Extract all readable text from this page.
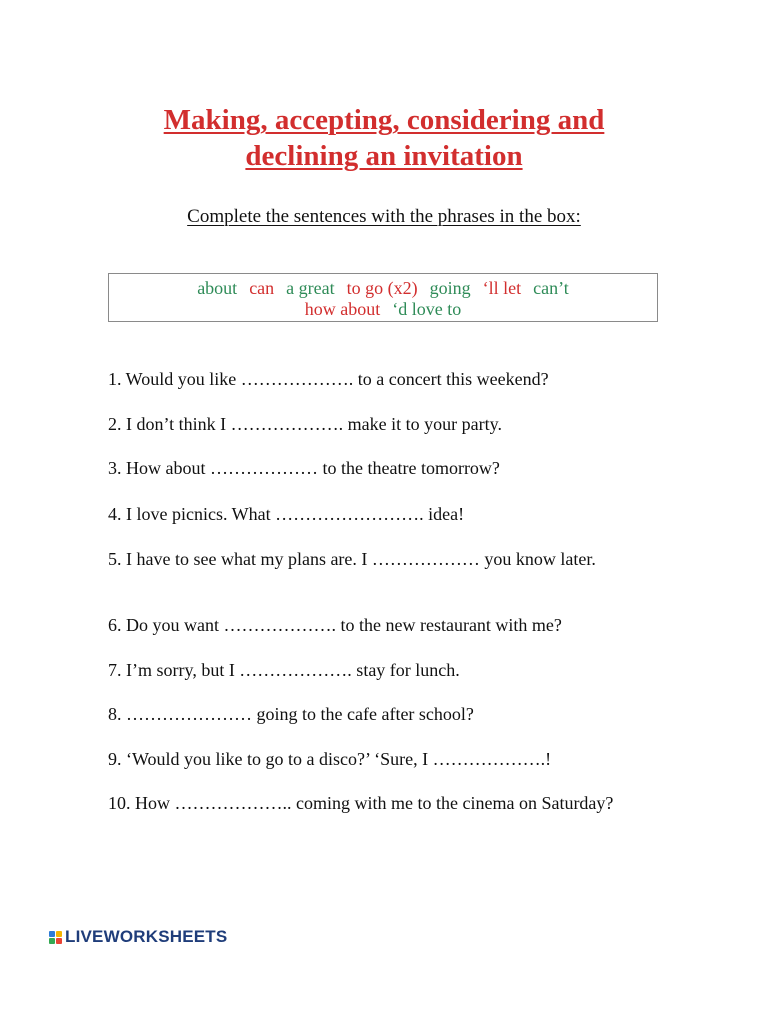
Making, accepting, considering and
declining an invitation
Complete the sentences with the phrases in the box:
about can a great to go (x2) going ‘ll let can’t
how about ‘d love to
1. Would you like ………………. to a concert this weekend?
2. I don’t think I ………………. make it to your party.
3. How about ……………… to the theatre tomorrow?
4. I love picnics. What ……………………. idea!
5. I have to see what my plans are. I ……………… you know later.
6. Do you want ………………. to the new restaurant with me?
7. I’m sorry, but I ………………. stay for lunch.
8. ………………… going to the cafe after school?
9. ‘Would you like to go to a disco?’ ‘Sure, I ……………….!
10. How ……………….. coming with me to the cinema on Saturday?
LIVEWORKSHEETS
